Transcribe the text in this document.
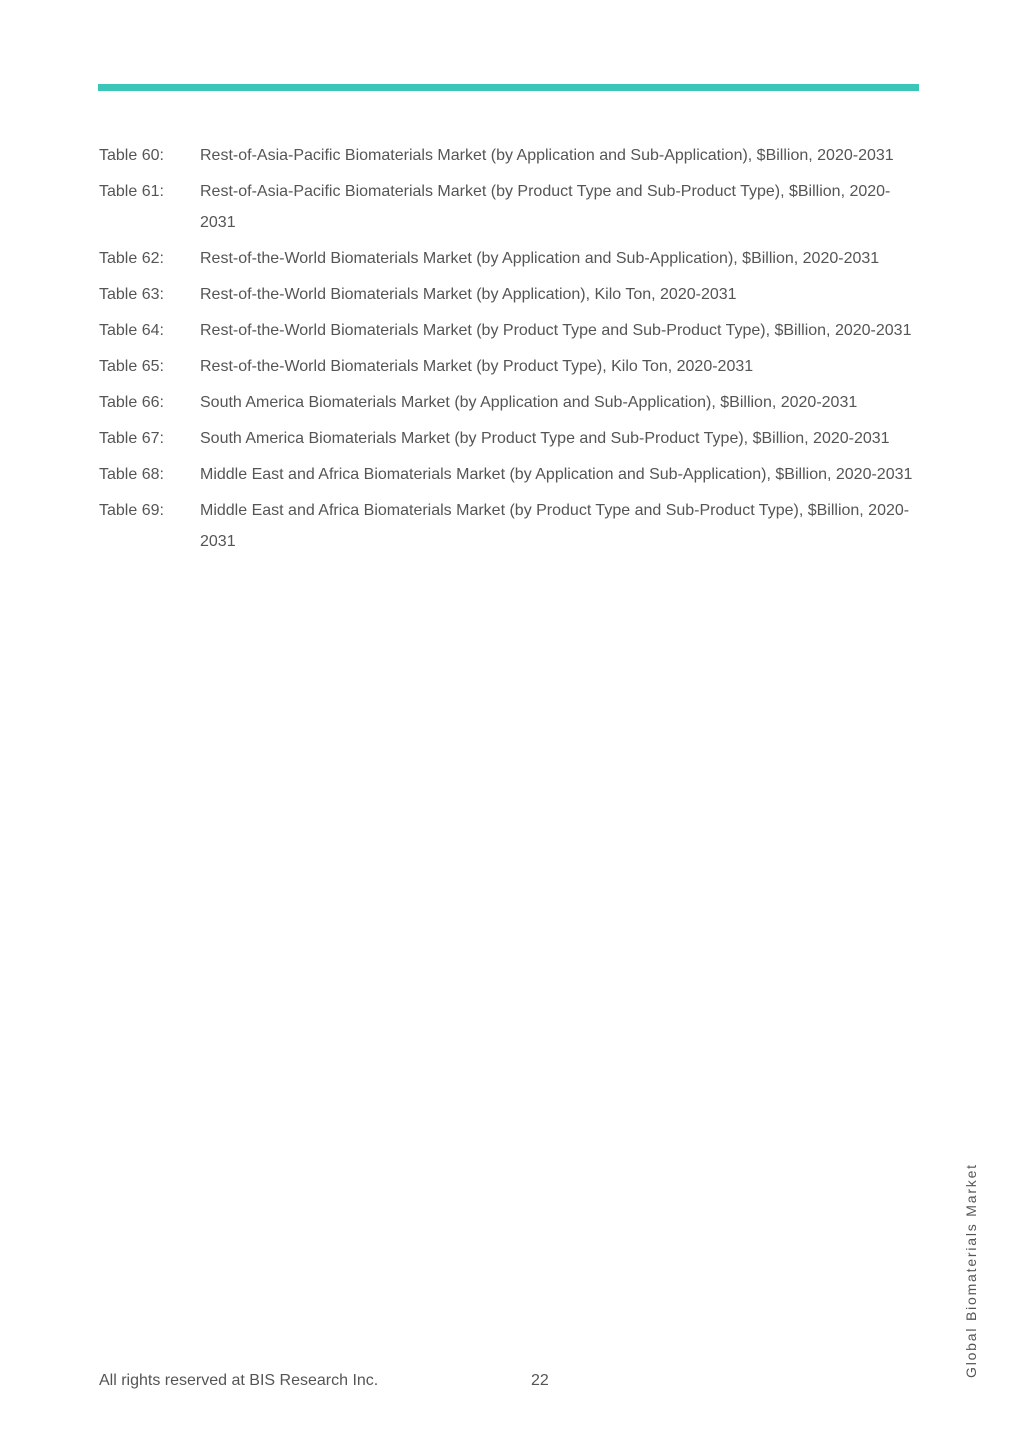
Table 60:	Rest-of-Asia-Pacific Biomaterials Market (by Application and Sub-Application), $Billion, 2020-2031
Table 61:	Rest-of-Asia-Pacific Biomaterials Market (by Product Type and Sub-Product Type), $Billion, 2020-2031
Table 62:	Rest-of-the-World Biomaterials Market (by Application and Sub-Application), $Billion, 2020-2031
Table 63:	Rest-of-the-World Biomaterials Market (by Application), Kilo Ton, 2020-2031
Table 64:	Rest-of-the-World Biomaterials Market (by Product Type and Sub-Product Type), $Billion, 2020-2031
Table 65:	Rest-of-the-World Biomaterials Market (by Product Type), Kilo Ton, 2020-2031
Table 66:	South America Biomaterials Market (by Application and Sub-Application), $Billion, 2020-2031
Table 67:	South America Biomaterials Market (by Product Type and Sub-Product Type), $Billion, 2020-2031
Table 68:	Middle East and Africa Biomaterials Market (by Application and Sub-Application), $Billion, 2020-2031
Table 69:	Middle East and Africa Biomaterials Market (by Product Type and Sub-Product Type), $Billion, 2020-2031
All rights reserved at BIS Research Inc.	22
Global Biomaterials Market
